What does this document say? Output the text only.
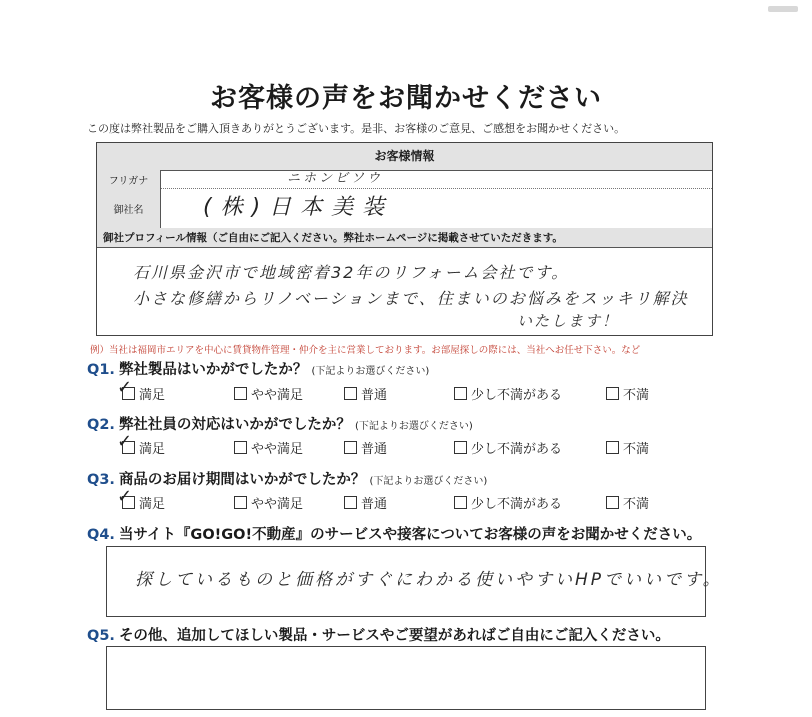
お客様の声をお聞かせください
この度は弊社製品をご購入頂きありがとうございます。是非、お客様のご意見、ご感想をお聞かせください。
お客様情報
フリガナ	ニホンビソウ
御社名	(株)日本美装
御社プロフィール情報（ご自由にご記入ください。弊社ホームページに掲載させていただきます。
石川県金沢市で地域密着32年のリフォーム会社です。
小さな修繕からリノベーションまで、住まいのお悩みをスッキリ解決
いたします！
例）当社は福岡市エリアを中心に賃貸物件管理・仲介を主に営業しております。お部屋探しの際には、当社へお任せ下さい。など
Q1. 弊社製品はいかがでしたか？ (下記よりお選びください)
✓ 満足	やや満足	普通	少し不満がある	不満
Q2. 弊社社員の対応はいかがでしたか？ (下記よりお選びください)
✓ 満足	やや満足	普通	少し不満がある	不満
Q3. 商品のお届け期間はいかがでしたか？ (下記よりお選びください)
✓ 満足	やや満足	普通	少し不満がある	不満
Q4. 当サイト『GO!GO!不動産』のサービスや接客についてお客様の声をお聞かせください。
探しているものと価格がすぐにわかる使いやすいHPでいいです。
Q5. その他、追加してほしい製品・サービスやご要望があればご自由にご記入ください。
